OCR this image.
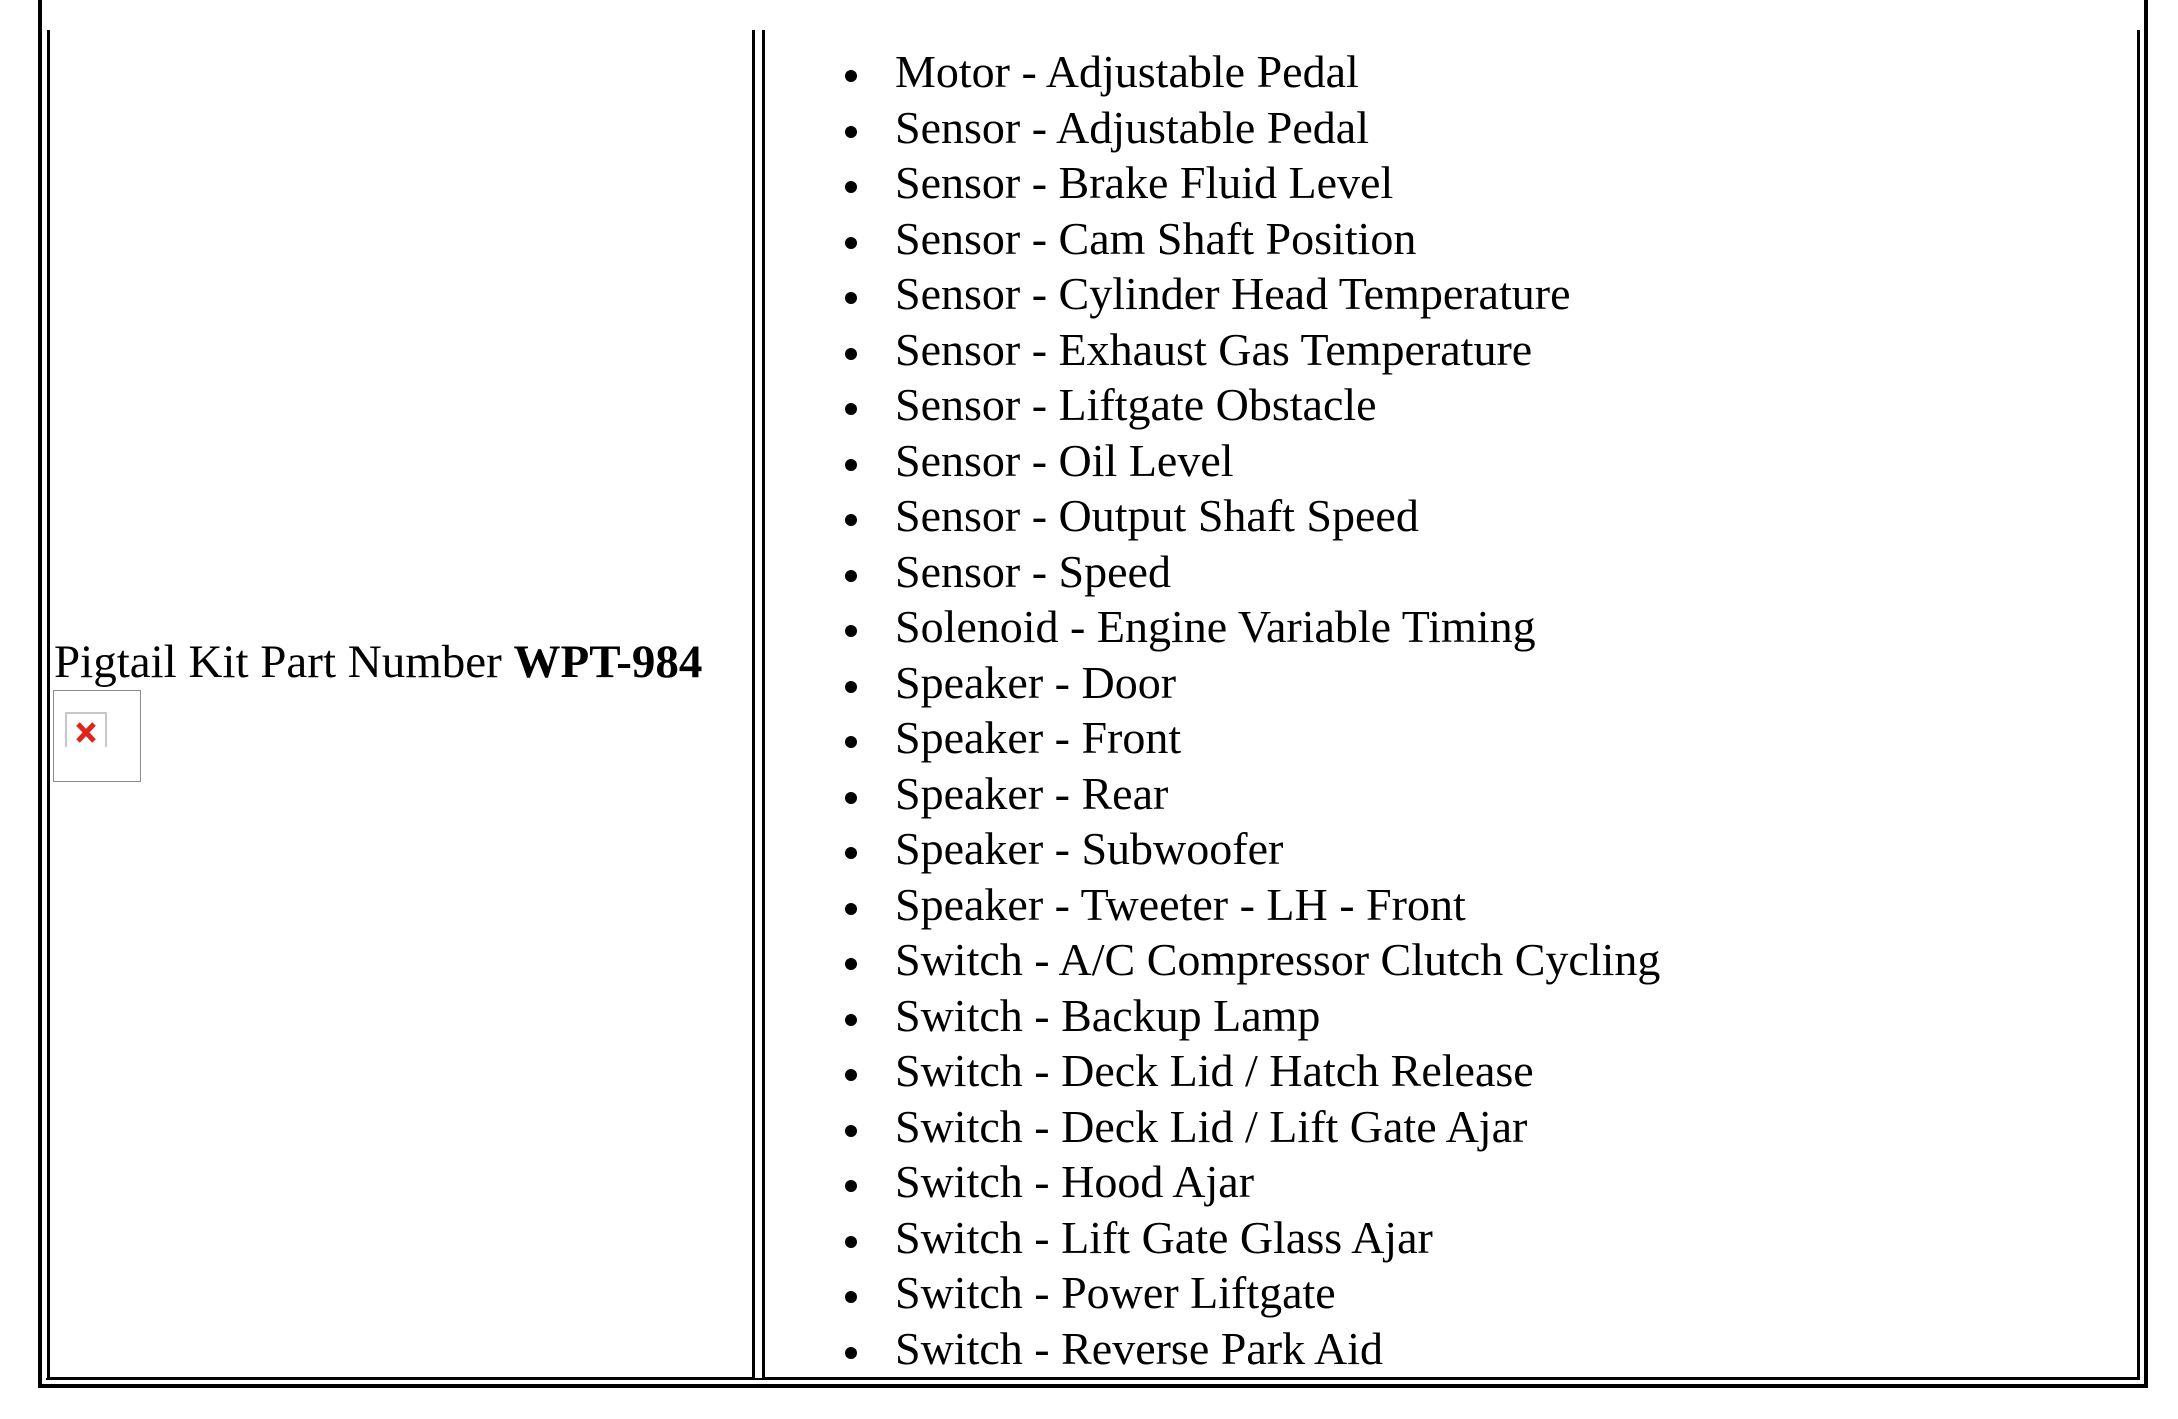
Pigtail Kit Part Number WPT-984
Motor - Adjustable Pedal
Sensor - Adjustable Pedal
Sensor - Brake Fluid Level
Sensor - Cam Shaft Position
Sensor - Cylinder Head Temperature
Sensor - Exhaust Gas Temperature
Sensor - Liftgate Obstacle
Sensor - Oil Level
Sensor - Output Shaft Speed
Sensor - Speed
Solenoid - Engine Variable Timing
Speaker - Door
Speaker - Front
Speaker - Rear
Speaker - Subwoofer
Speaker - Tweeter - LH - Front
Switch - A/C Compressor Clutch Cycling
Switch - Backup Lamp
Switch - Deck Lid / Hatch Release
Switch - Deck Lid / Lift Gate Ajar
Switch - Hood Ajar
Switch - Lift Gate Glass Ajar
Switch - Power Liftgate
Switch - Reverse Park Aid
